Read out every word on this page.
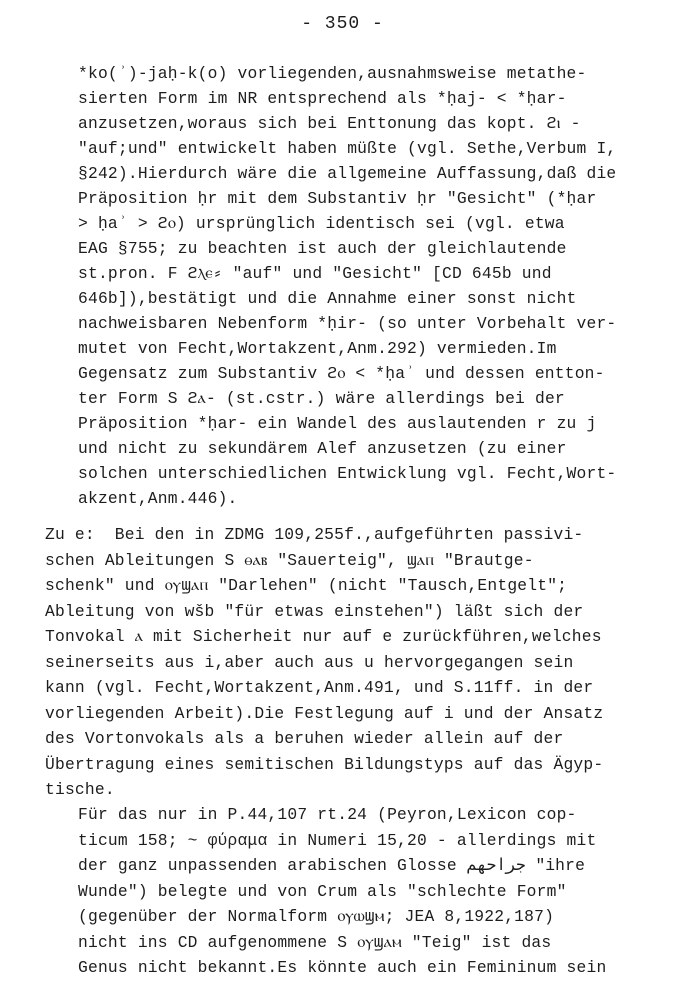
- 350 -
*ko(ʾ)-jaḥ-k(o) vorliegenden,ausnahmsweise metathe-
sierten Form im NR entsprechend als *ḥaj- < *ḥar-
anzusetzen,woraus sich bei Enttonung das kopt. ϩⲓ -
"auf;und" entwickelt haben müßte (vgl. Sethe,Verbum I,
§242).Hierdurch wäre die allgemeine Auffassung,daß die
Präposition ḥr mit dem Substantiv ḥr "Gesicht" (*ḥar
> ḥaʾ > ϩⲟ) ursprünglich identisch sei (vgl. etwa
EAG §755; zu beachten ist auch der gleichlautende
st.pron. F ϩⲗⲉ⸗ "auf" und "Gesicht" [CD 645b und
646b]),bestätigt und die Annahme einer sonst nicht
nachweisbaren Nebenform *ḥir- (so unter Vorbehalt ver-
mutet von Fecht,Wortakzent,Anm.292) vermieden.Im
Gegensatz zum Substantiv ϩⲟ < *ḥaʾ und dessen entton-
ter Form S ϩⲁ- (st.cstr.) wäre allerdings bei der
Präposition *ḥar- ein Wandel des auslautenden r zu j
und nicht zu sekundärem Alef anzusetzen (zu einer
solchen unterschiedlichen Entwicklung vgl. Fecht,Wort-
akzent,Anm.446).
Zu e:  Bei den in ZDMG 109,255f.,aufgeführten passivi-
schen Ableitungen S ⲑⲁⲃ "Sauerteig", ϣⲁⲡ "Brautge-
schenk" und ⲟⲩϣⲁⲡ "Darlehen" (nicht "Tausch,Entgelt";
Ableitung von wšb "für etwas einstehen") läßt sich der
Tonvokal ⲁ mit Sicherheit nur auf e zurückführen,welches
seinerseits aus i,aber auch aus u hervorgegangen sein
kann (vgl. Fecht,Wortakzent,Anm.491, und S.11ff. in der
vorliegenden Arbeit).Die Festlegung auf i und der Ansatz
des Vortonvokals als a beruhen wieder allein auf der
Übertragung eines semitischen Bildungstyps auf das Ägyp-
tische.
Für das nur in P.44,107 rt.24 (Peyron,Lexicon cop-
ticum 158; ~ φύραμα in Numeri 15,20 - allerdings mit
der ganz unpassenden arabischen Glosse جراحهم "ihre
Wunde") belegte und von Crum als "schlechte Form"
(gegenüber der Normalform ⲟⲩⲱϣⲙ; JEA 8,1922,187)
nicht ins CD aufgenommene S ⲟⲩϣⲁⲙ "Teig" ist das
Genus nicht bekannt.Es könnte auch ein Femininum sein
